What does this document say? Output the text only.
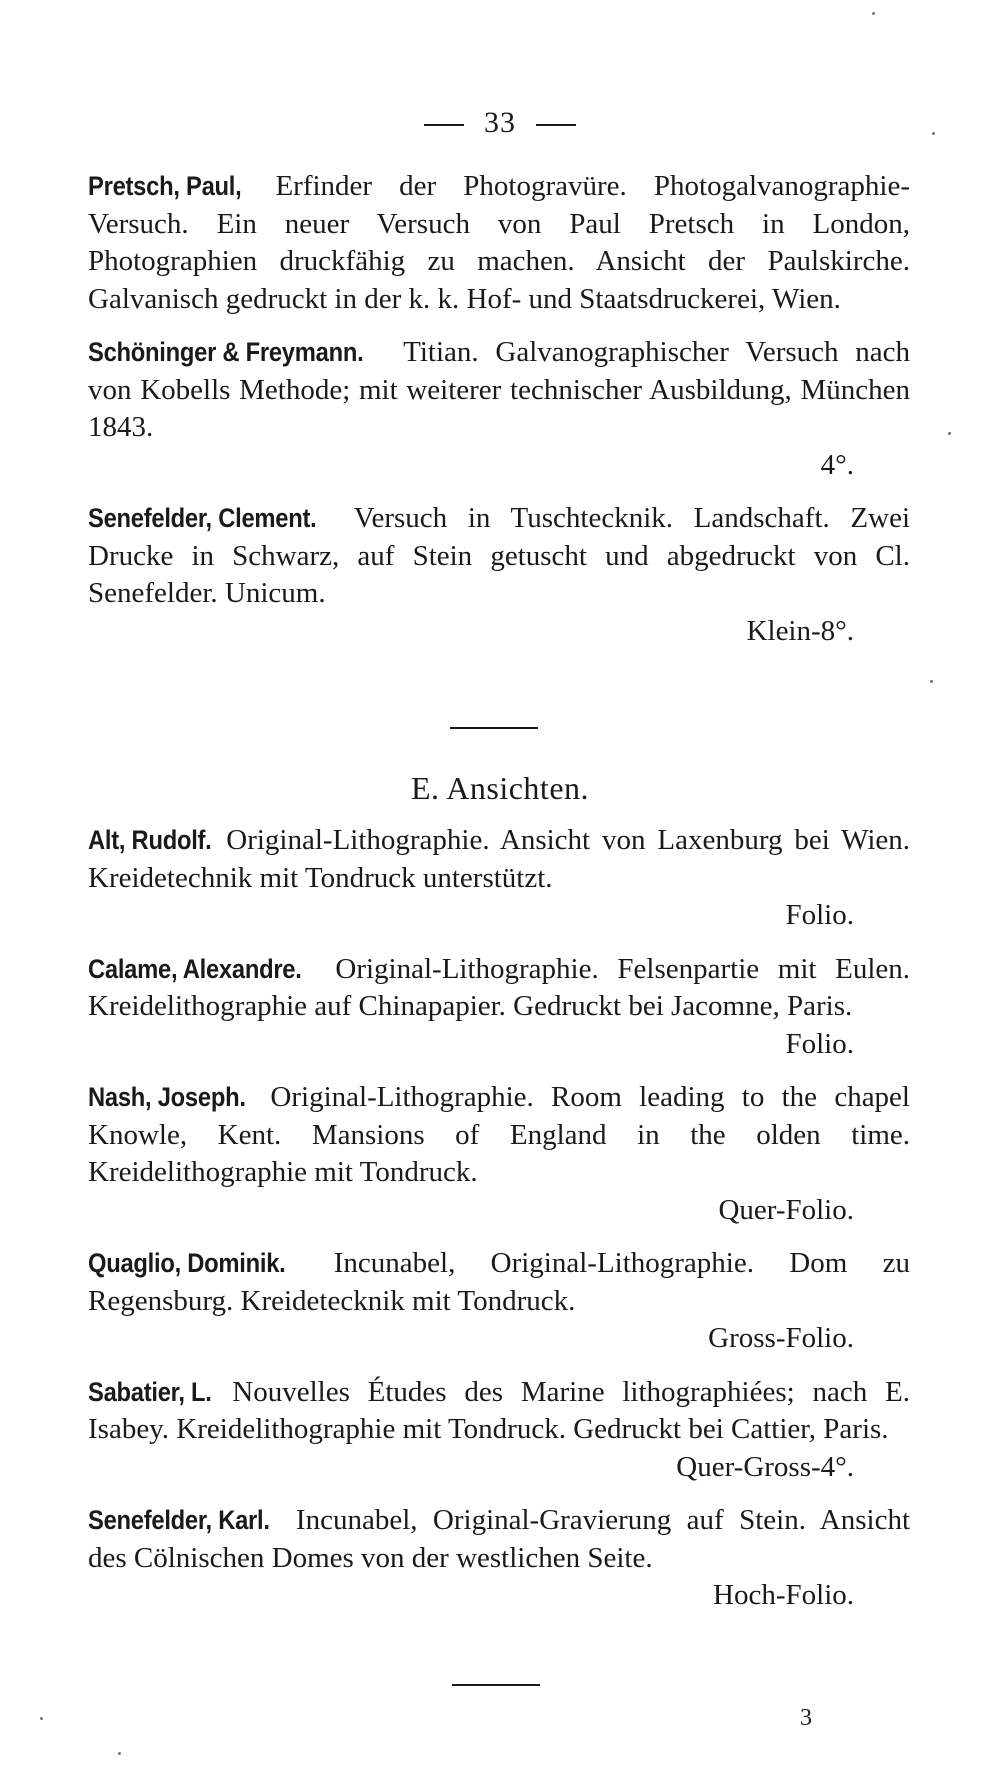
33
Pretsch, Paul, Erfinder der Photogravüre. Photogalvanographie-Versuch. Ein neuer Versuch von Paul Pretsch in London, Photographien druckfähig zu machen. Ansicht der Paulskirche. Galvanisch gedruckt in der k. k. Hof- und Staatsdruckerei, Wien.
Schöninger & Freymann. Titian. Galvanographischer Versuch nach von Kobells Methode; mit weiterer technischer Ausbildung, München 1843.
4°.
Senefelder, Clement. Versuch in Tuschtecknik. Landschaft. Zwei Drucke in Schwarz, auf Stein getuscht und abgedruckt von Cl. Senefelder. Unicum.
Klein-8°.
E. Ansichten.
Alt, Rudolf. Original-Lithographie. Ansicht von Laxenburg bei Wien. Kreidetechnik mit Tondruck unterstützt.
Folio.
Calame, Alexandre. Original-Lithographie. Felsenpartie mit Eulen. Kreidelithographie auf Chinapapier. Gedruckt bei Jacomne, Paris.
Folio.
Nash, Joseph. Original-Lithographie. Room leading to the chapel Knowle, Kent. Mansions of England in the olden time. Kreidelithographie mit Tondruck.
Quer-Folio.
Quaglio, Dominik. Incunabel, Original-Lithographie. Dom zu Regensburg. Kreidetecknik mit Tondruck.
Gross-Folio.
Sabatier, L. Nouvelles Études des Marine lithographiées; nach E. Isabey. Kreidelithographie mit Tondruck. Gedruckt bei Cattier, Paris.
Quer-Gross-4°.
Senefelder, Karl. Incunabel, Original-Gravierung auf Stein. Ansicht des Cölnischen Domes von der westlichen Seite.
Hoch-Folio.
3
